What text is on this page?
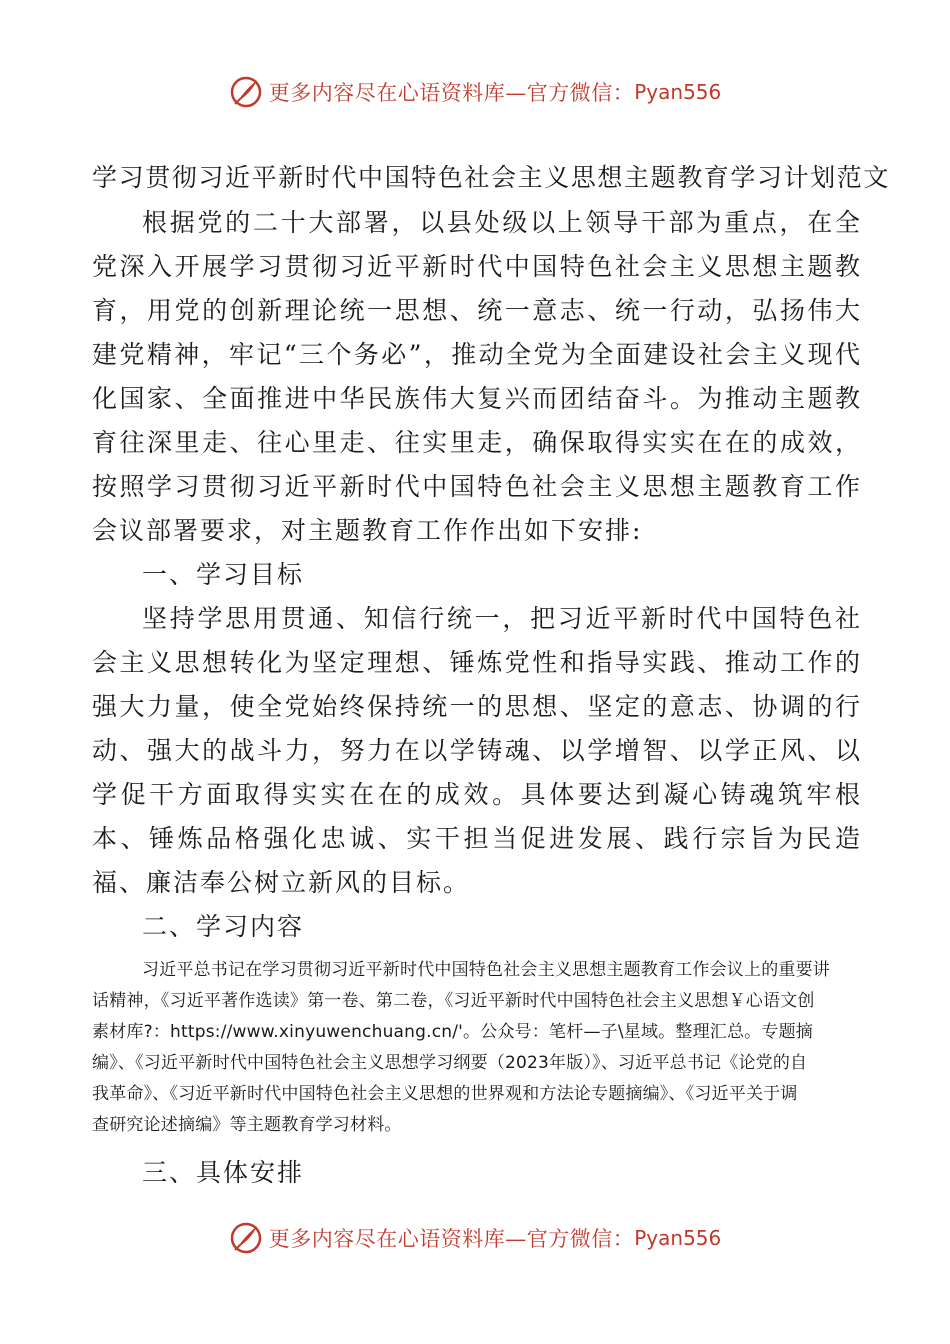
更多内容尽在心语资料库—官方微信： Pyan556

学习贯彻习近平新时代中国特色社会主义思想主题教育学习计划范文

根据党的二十大部署，以县处级以上领导干部为重点，在全党深入开展学习贯彻习近平新时代中国特色社会主义思想主题教育，用党的创新理论统一思想、统一意志、统一行动，弘扬伟大建党精神，牢记“三个务必”，推动全党为全面建设社会主义现代化国家、全面推进中华民族伟大复兴而团结奋斗。为推动主题教育往深里走、往心里走、往实里走，确保取得实实在在的成效，按照学习贯彻习近平新时代中国特色社会主义思想主题教育工作会议部署要求，对主题教育工作作出如下安排:

一、学习目标

坚持学思用贯通、知信行统一，把习近平新时代中国特色社会主义思想转化为坚定理想、锤炼党性和指导实践、推动工作的强大力量，使全党始终保持统一的思想、坚定的意志、协调的行动、强大的战斗力，努力在以学铸魂、以学增智、以学正风、以学促干方面取得实实在在的成效。具体要达到凝心铸魂筑牢根本、锤炼品格强化忠诚、实干担当促进发展、践行宗旨为民造福、廉洁奉公树立新风的目标。

二、学习内容

习近平总书记在学习贯彻习近平新时代中国特色社会主义思想主题教育工作会议上的重要讲
话精神，《习近平著作选读》第一卷、第二卷，《习近平新时代中国特色社会主义思想￥心语文创
素材库?：https://www.xinyuwenchuang.cn/'。公众号：笔杆—子\星域。整理汇总。专题摘
编》、《习近平新时代中国特色社会主义思想学习纲要（2023年版）》、习近平总书记《论党的自
我革命》、《习近平新时代中国特色社会主义思想的世界观和方法论专题摘编》、《习近平关于调
查研究论述摘编》等主题教育学习材料。

三、具体安排

更多内容尽在心语资料库—官方微信： Pyan556
